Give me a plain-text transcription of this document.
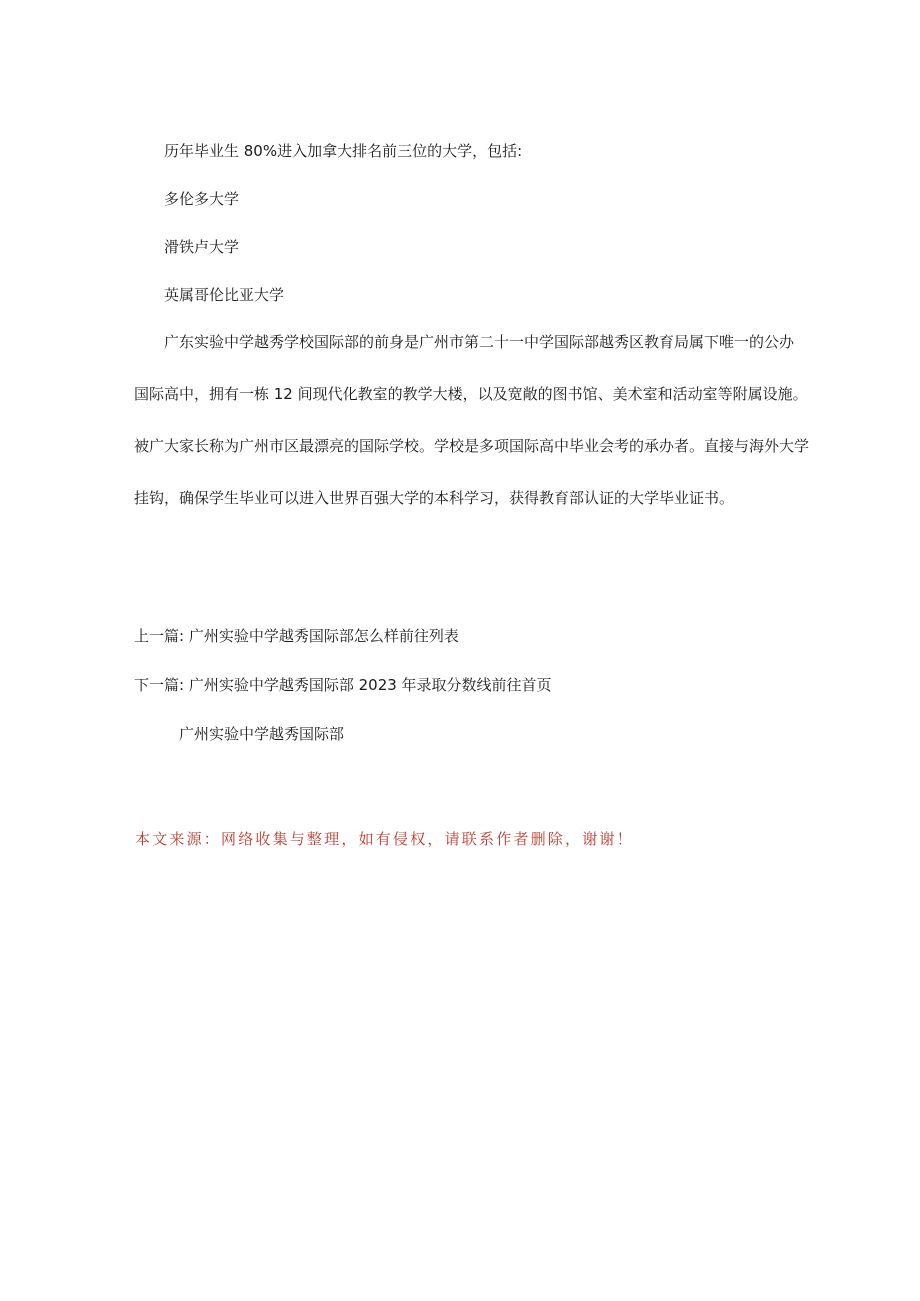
历年毕业生 80%进入加拿大排名前三位的大学，包括:
多伦多大学
滑铁卢大学
英属哥伦比亚大学
广东实验中学越秀学校国际部的前身是广州市第二十一中学国际部越秀区教育局属下唯一的公办
国际高中，拥有一栋 12 间现代化教室的教学大楼，以及宽敞的图书馆、美术室和活动室等附属设施。
被广大家长称为广州市区最漂亮的国际学校。学校是多项国际高中毕业会考的承办者。直接与海外大学
挂钩，确保学生毕业可以进入世界百强大学的本科学习，获得教育部认证的大学毕业证书。
上一篇: 广州实验中学越秀国际部怎么样前往列表
下一篇: 广州实验中学越秀国际部 2023 年录取分数线前往首页
广州实验中学越秀国际部
本文来源：网络收集与整理，如有侵权，请联系作者删除，谢谢！
